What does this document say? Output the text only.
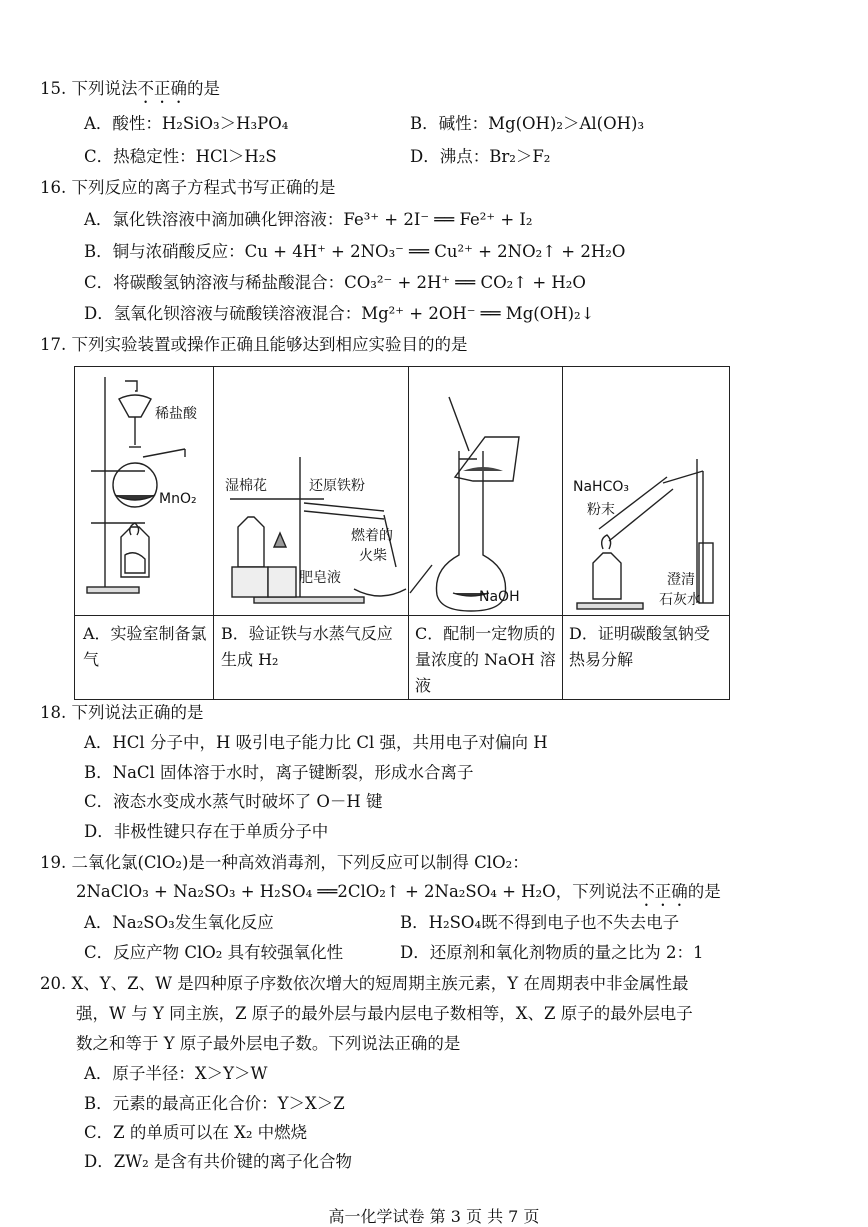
15. 下列说法不正确的是
A．酸性：H₂SiO₃＞H₃PO₄	B．碱性：Mg(OH)₂＞Al(OH)₃
C．热稳定性：HCl＞H₂S	D．沸点：Br₂＞F₂
16. 下列反应的离子方程式书写正确的是
A．氯化铁溶液中滴加碘化钾溶液：Fe³⁺ + 2I⁻ ══ Fe²⁺ + I₂
B．铜与浓硝酸反应：Cu + 4H⁺ + 2NO₃⁻ ══ Cu²⁺ + 2NO₂↑ + 2H₂O
C．将碳酸氢钠溶液与稀盐酸混合：CO₃²⁻ + 2H⁺ ══ CO₂↑ + H₂O
D．氢氧化钡溶液与硫酸镁溶液混合：Mg²⁺ + 2OH⁻ ══ Mg(OH)₂↓
17. 下列实验装置或操作正确且能够达到相应实验目的的是
稀盐酸
MnO₂
湿棉花	还原铁粉
燃着的
火柴
肥皂液
NaOH
NaHCO₃
粉末
澄清
石灰水
A．实验室制备氯气
B．验证铁与水蒸气反应生成 H₂
C．配制一定物质的量浓度的 NaOH 溶液
D．证明碳酸氢钠受热易分解
18. 下列说法正确的是
A．HCl 分子中，H 吸引电子能力比 Cl 强，共用电子对偏向 H
B．NaCl 固体溶于水时，离子键断裂，形成水合离子
C．液态水变成水蒸气时破坏了 O－H 键
D．非极性键只存在于单质分子中
19. 二氧化氯(ClO₂)是一种高效消毒剂，下列反应可以制得 ClO₂：
2NaClO₃ + Na₂SO₃ + H₂SO₄ ══2ClO₂↑ + 2Na₂SO₄ + H₂O，下列说法不正确的是
A．Na₂SO₃发生氧化反应	B．H₂SO₄既不得到电子也不失去电子
C．反应产物 ClO₂ 具有较强氧化性	D．还原剂和氧化剂物质的量之比为 2：1
20. X、Y、Z、W 是四种原子序数依次增大的短周期主族元素，Y 在周期表中非金属性最
强，W 与 Y 同主族，Z 原子的最外层与最内层电子数相等，X、Z 原子的最外层电子
数之和等于 Y 原子最外层电子数。下列说法正确的是
A．原子半径：X＞Y＞W
B．元素的最高正化合价：Y＞X＞Z
C．Z 的单质可以在 X₂ 中燃烧
D．ZW₂ 是含有共价键的离子化合物
高一化学试卷 第 3 页 共 7 页
